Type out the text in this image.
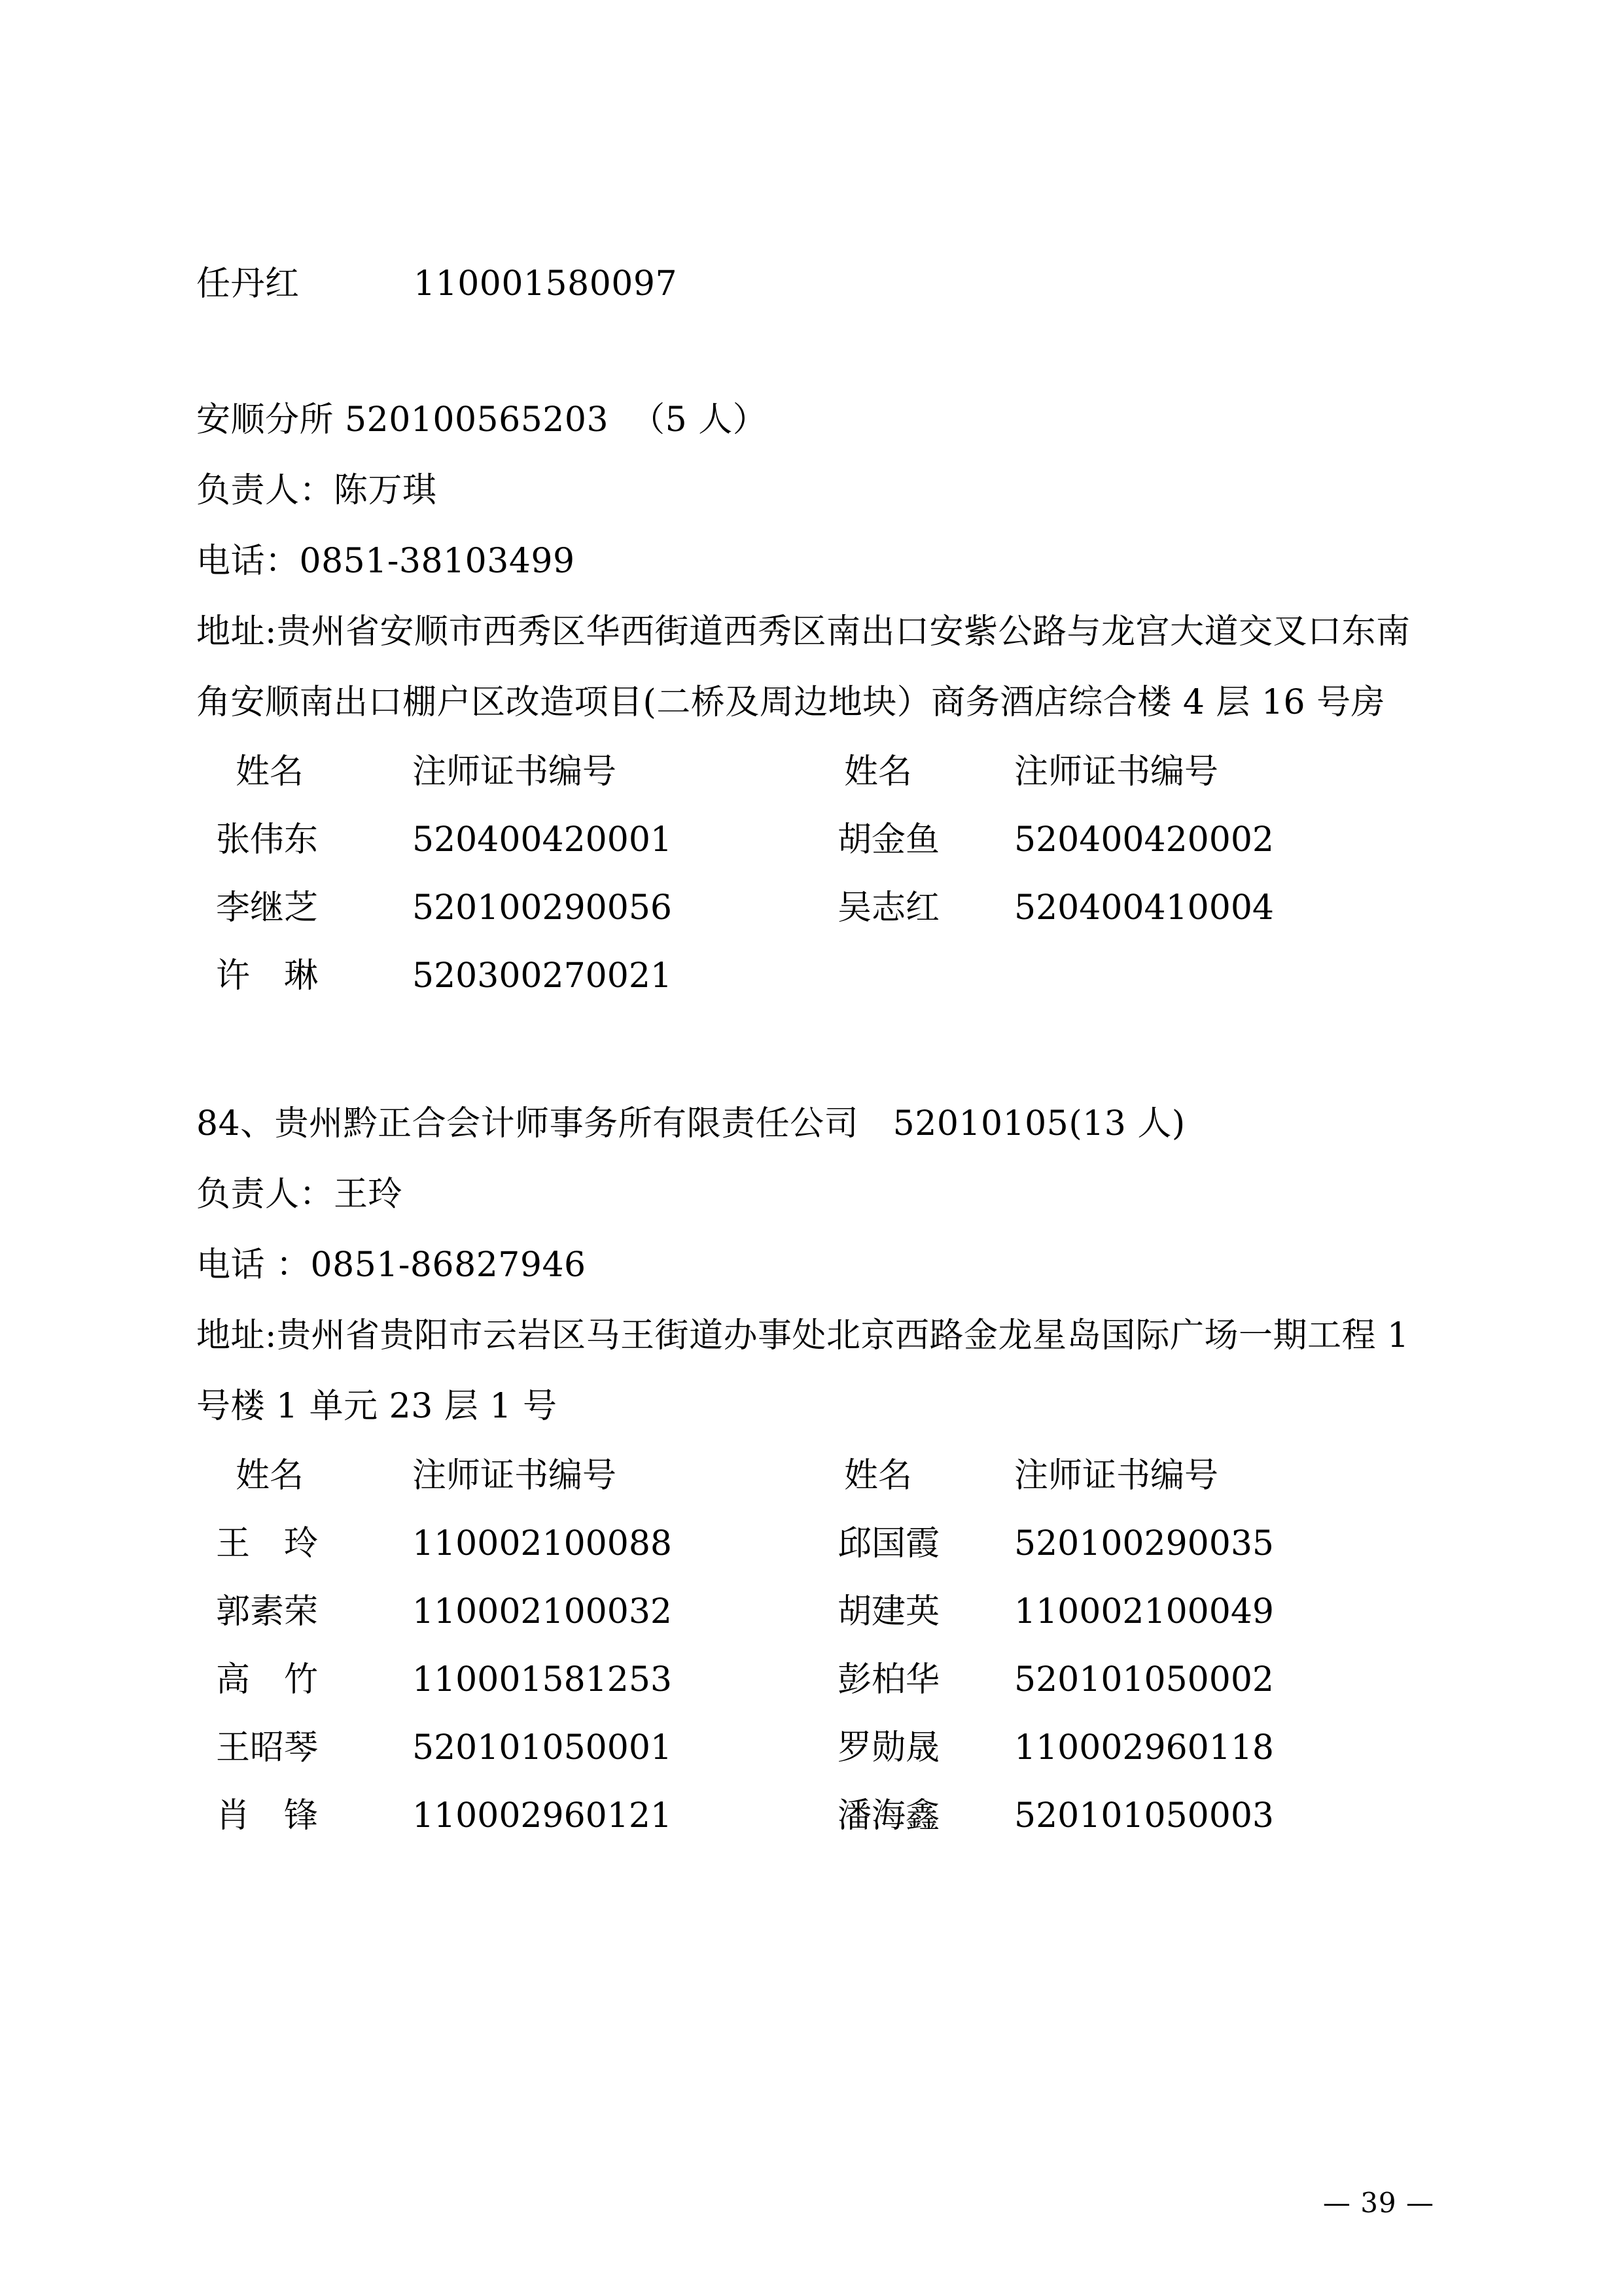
任丹红　　　	110001580097
安顺分所 520100565203  （5 人）
负责人：陈万琪
电话：0851-38103499
地址:贵州省安顺市西秀区华西街道西秀区南出口安紫公路与龙宫大道交叉口东南角安顺南出口棚户区改造项目(二桥及周边地块）商务酒店综合楼 4 层 16 号房
姓名	注师证书编号	姓名	注师证书编号
张伟东	520400420001	胡金鱼	520400420002
李继芝	520100290056	吴志红	520400410004
许　琳	520300270021		
84、贵州黔正合会计师事务所有限责任公司　52010105(13 人)
负责人：王玲
电话 ：0851-86827946
地址:贵州省贵阳市云岩区马王街道办事处北京西路金龙星岛国际广场一期工程 1 号楼 1 单元 23 层 1 号
姓名	注师证书编号	姓名	注师证书编号
王　玲	110002100088	邱国霞	520100290035
郭素荣	110002100032	胡建英	110002100049
高　竹	110001581253	彭柏华	520101050002
王昭琴	520101050001	罗勋晟	110002960118
肖　锋	110002960121	潘海鑫	520101050003
— 39 —
